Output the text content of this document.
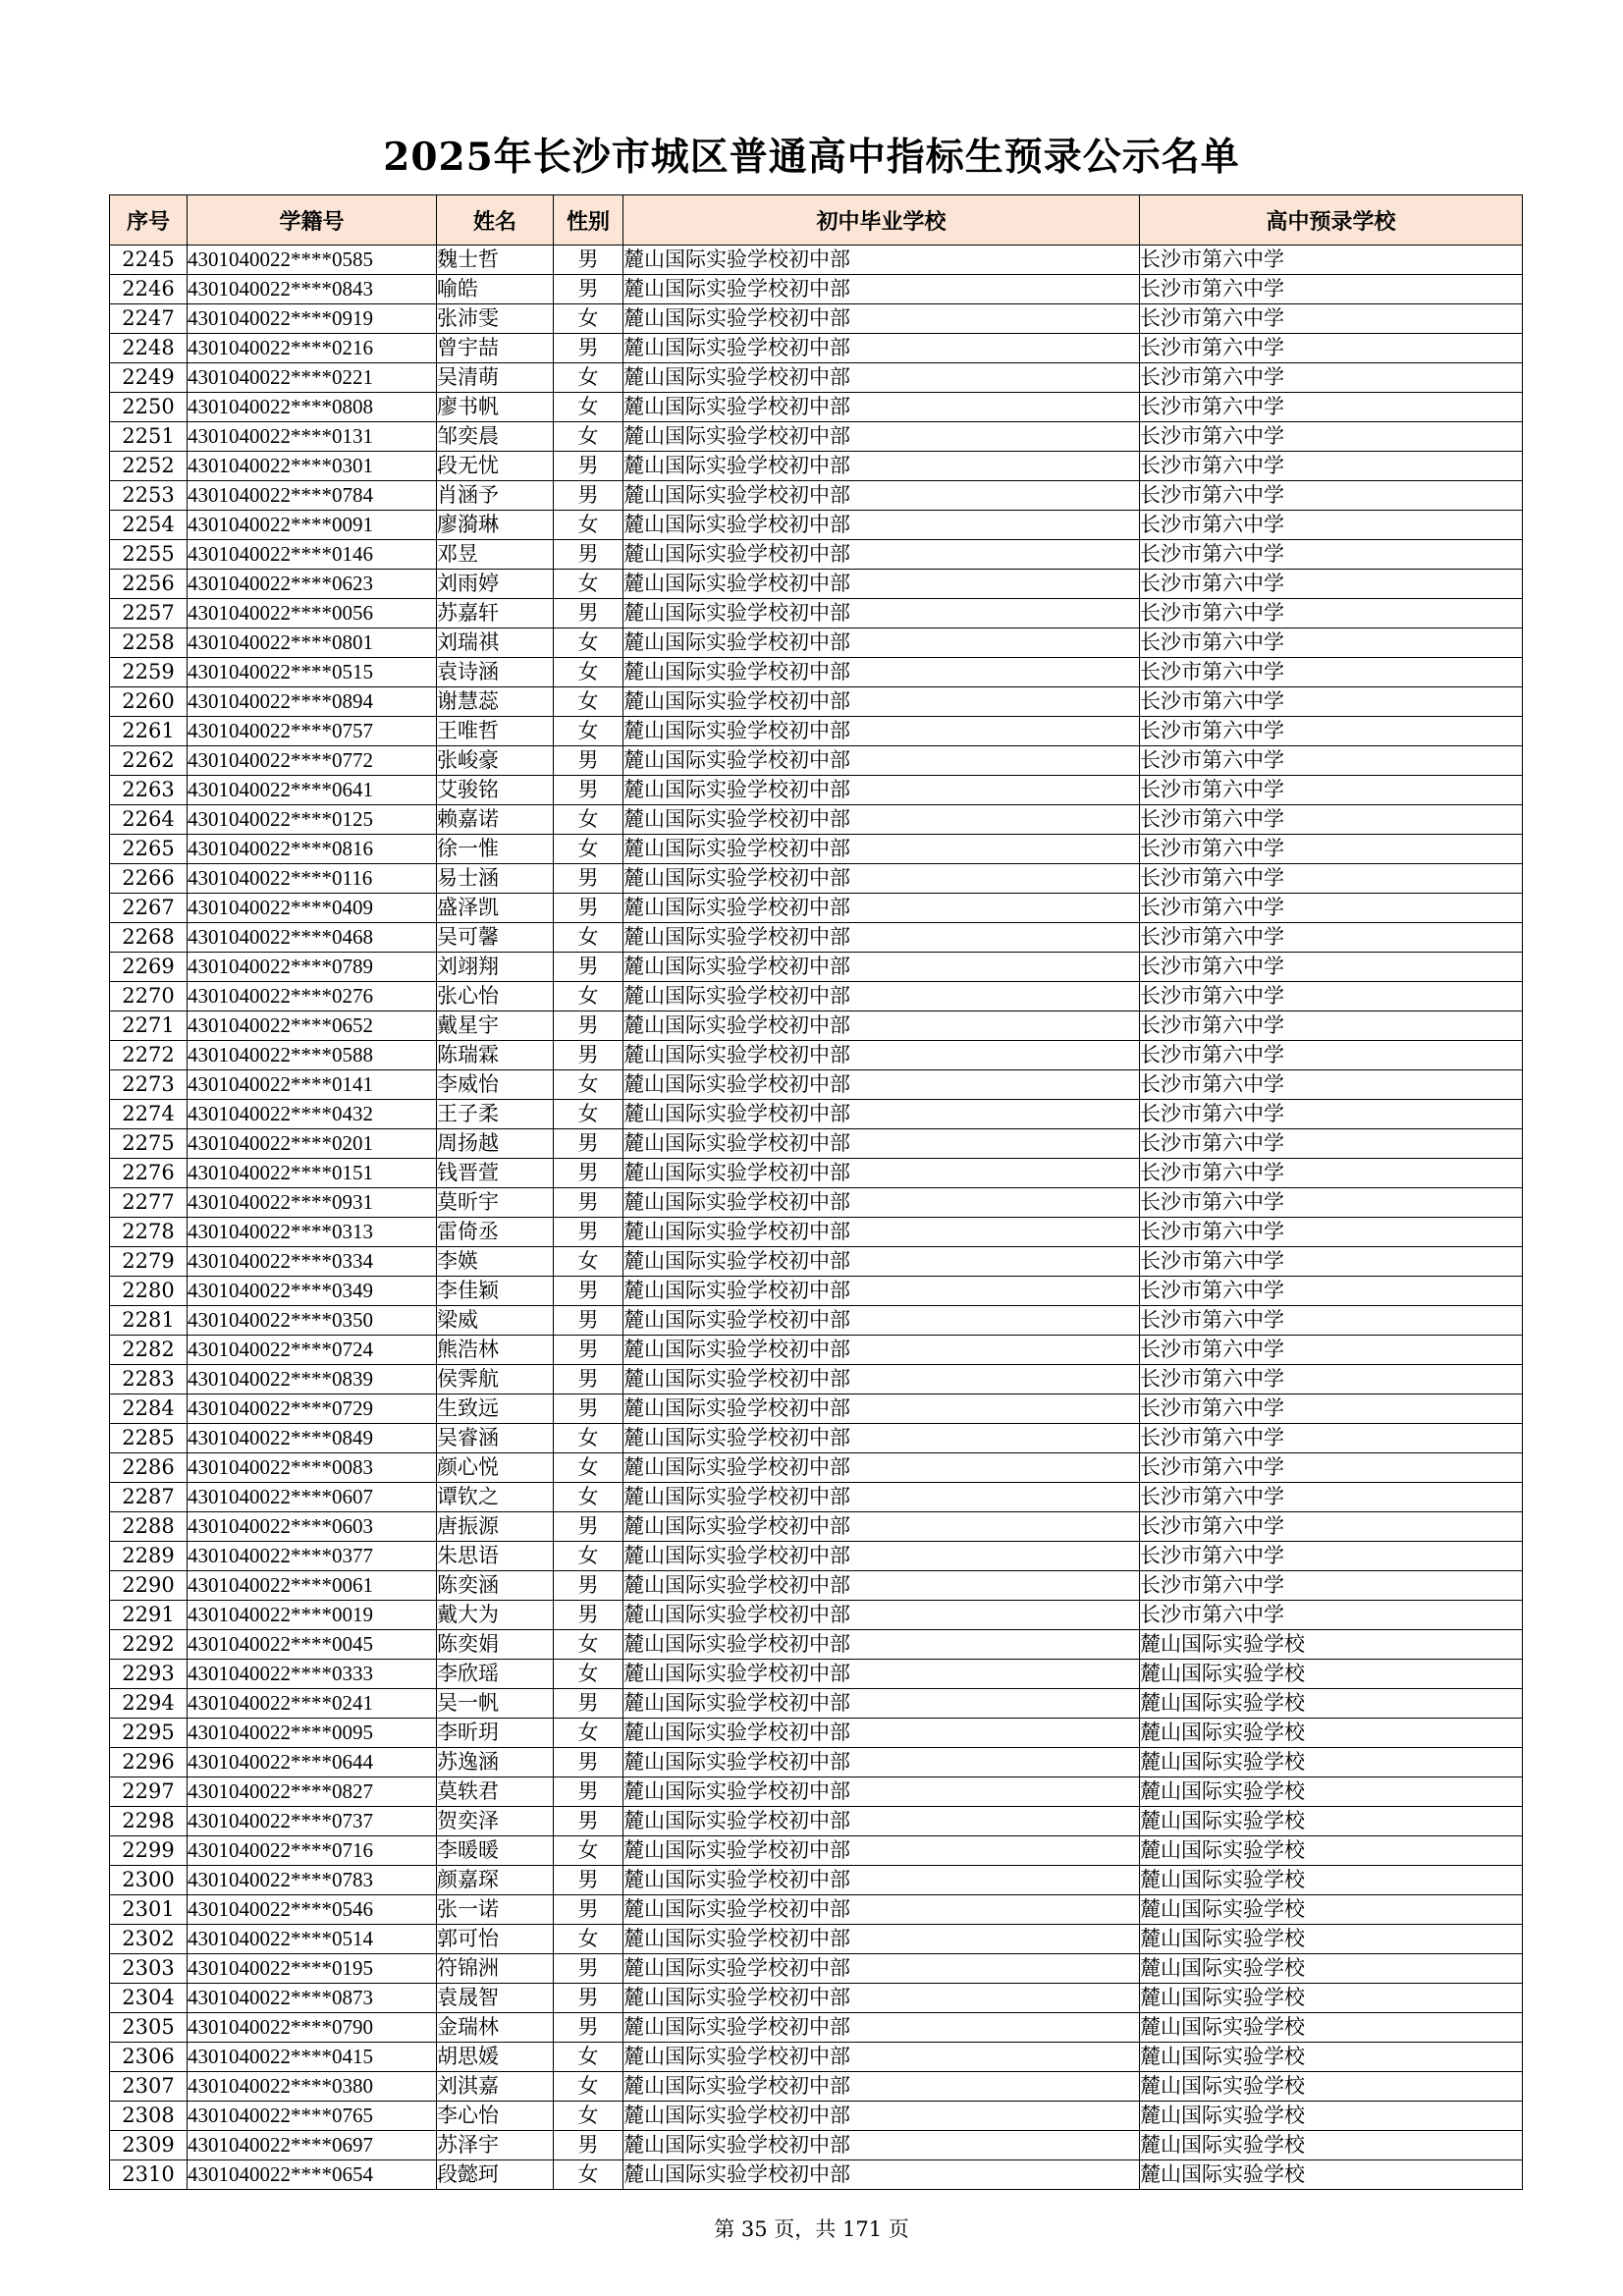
2025年长沙市城区普通高中指标生预录公示名单
序号	学籍号	姓名	性别	初中毕业学校	高中预录学校
2245	4301040022****0585	魏士哲	男	麓山国际实验学校初中部	长沙市第六中学
2246	4301040022****0843	喻皓	男	麓山国际实验学校初中部	长沙市第六中学
2247	4301040022****0919	张沛雯	女	麓山国际实验学校初中部	长沙市第六中学
2248	4301040022****0216	曾宇喆	男	麓山国际实验学校初中部	长沙市第六中学
2249	4301040022****0221	吴清萌	女	麓山国际实验学校初中部	长沙市第六中学
2250	4301040022****0808	廖书帆	女	麓山国际实验学校初中部	长沙市第六中学
2251	4301040022****0131	邹奕晨	女	麓山国际实验学校初中部	长沙市第六中学
2252	4301040022****0301	段无忧	男	麓山国际实验学校初中部	长沙市第六中学
2253	4301040022****0784	肖涵予	男	麓山国际实验学校初中部	长沙市第六中学
2254	4301040022****0091	廖漪琳	女	麓山国际实验学校初中部	长沙市第六中学
2255	4301040022****0146	邓昱	男	麓山国际实验学校初中部	长沙市第六中学
2256	4301040022****0623	刘雨婷	女	麓山国际实验学校初中部	长沙市第六中学
2257	4301040022****0056	苏嘉轩	男	麓山国际实验学校初中部	长沙市第六中学
2258	4301040022****0801	刘瑞祺	女	麓山国际实验学校初中部	长沙市第六中学
2259	4301040022****0515	袁诗涵	女	麓山国际实验学校初中部	长沙市第六中学
2260	4301040022****0894	谢慧蕊	女	麓山国际实验学校初中部	长沙市第六中学
2261	4301040022****0757	王唯哲	女	麓山国际实验学校初中部	长沙市第六中学
2262	4301040022****0772	张峻豪	男	麓山国际实验学校初中部	长沙市第六中学
2263	4301040022****0641	艾骏铭	男	麓山国际实验学校初中部	长沙市第六中学
2264	4301040022****0125	赖嘉诺	女	麓山国际实验学校初中部	长沙市第六中学
2265	4301040022****0816	徐一惟	女	麓山国际实验学校初中部	长沙市第六中学
2266	4301040022****0116	易士涵	男	麓山国际实验学校初中部	长沙市第六中学
2267	4301040022****0409	盛泽凯	男	麓山国际实验学校初中部	长沙市第六中学
2268	4301040022****0468	吴可馨	女	麓山国际实验学校初中部	长沙市第六中学
2269	4301040022****0789	刘翊翔	男	麓山国际实验学校初中部	长沙市第六中学
2270	4301040022****0276	张心怡	女	麓山国际实验学校初中部	长沙市第六中学
2271	4301040022****0652	戴星宇	男	麓山国际实验学校初中部	长沙市第六中学
2272	4301040022****0588	陈瑞霖	男	麓山国际实验学校初中部	长沙市第六中学
2273	4301040022****0141	李威怡	女	麓山国际实验学校初中部	长沙市第六中学
2274	4301040022****0432	王子柔	女	麓山国际实验学校初中部	长沙市第六中学
2275	4301040022****0201	周扬越	男	麓山国际实验学校初中部	长沙市第六中学
2276	4301040022****0151	钱晋萱	男	麓山国际实验学校初中部	长沙市第六中学
2277	4301040022****0931	莫昕宇	男	麓山国际实验学校初中部	长沙市第六中学
2278	4301040022****0313	雷倚丞	男	麓山国际实验学校初中部	长沙市第六中学
2279	4301040022****0334	李媖	女	麓山国际实验学校初中部	长沙市第六中学
2280	4301040022****0349	李佳颖	男	麓山国际实验学校初中部	长沙市第六中学
2281	4301040022****0350	梁威	男	麓山国际实验学校初中部	长沙市第六中学
2282	4301040022****0724	熊浩林	男	麓山国际实验学校初中部	长沙市第六中学
2283	4301040022****0839	侯霁航	男	麓山国际实验学校初中部	长沙市第六中学
2284	4301040022****0729	生致远	男	麓山国际实验学校初中部	长沙市第六中学
2285	4301040022****0849	吴睿涵	女	麓山国际实验学校初中部	长沙市第六中学
2286	4301040022****0083	颜心悦	女	麓山国际实验学校初中部	长沙市第六中学
2287	4301040022****0607	谭钦之	女	麓山国际实验学校初中部	长沙市第六中学
2288	4301040022****0603	唐振源	男	麓山国际实验学校初中部	长沙市第六中学
2289	4301040022****0377	朱思语	女	麓山国际实验学校初中部	长沙市第六中学
2290	4301040022****0061	陈奕涵	男	麓山国际实验学校初中部	长沙市第六中学
2291	4301040022****0019	戴大为	男	麓山国际实验学校初中部	长沙市第六中学
2292	4301040022****0045	陈奕娟	女	麓山国际实验学校初中部	麓山国际实验学校
2293	4301040022****0333	李欣瑶	女	麓山国际实验学校初中部	麓山国际实验学校
2294	4301040022****0241	吴一帆	男	麓山国际实验学校初中部	麓山国际实验学校
2295	4301040022****0095	李昕玥	女	麓山国际实验学校初中部	麓山国际实验学校
2296	4301040022****0644	苏逸涵	男	麓山国际实验学校初中部	麓山国际实验学校
2297	4301040022****0827	莫轶君	男	麓山国际实验学校初中部	麓山国际实验学校
2298	4301040022****0737	贺奕泽	男	麓山国际实验学校初中部	麓山国际实验学校
2299	4301040022****0716	李暖暖	女	麓山国际实验学校初中部	麓山国际实验学校
2300	4301040022****0783	颜嘉琛	男	麓山国际实验学校初中部	麓山国际实验学校
2301	4301040022****0546	张一诺	男	麓山国际实验学校初中部	麓山国际实验学校
2302	4301040022****0514	郭可怡	女	麓山国际实验学校初中部	麓山国际实验学校
2303	4301040022****0195	符锦洲	男	麓山国际实验学校初中部	麓山国际实验学校
2304	4301040022****0873	袁晟智	男	麓山国际实验学校初中部	麓山国际实验学校
2305	4301040022****0790	金瑞林	男	麓山国际实验学校初中部	麓山国际实验学校
2306	4301040022****0415	胡思媛	女	麓山国际实验学校初中部	麓山国际实验学校
2307	4301040022****0380	刘淇嘉	女	麓山国际实验学校初中部	麓山国际实验学校
2308	4301040022****0765	李心怡	女	麓山国际实验学校初中部	麓山国际实验学校
2309	4301040022****0697	苏泽宇	男	麓山国际实验学校初中部	麓山国际实验学校
2310	4301040022****0654	段懿珂	女	麓山国际实验学校初中部	麓山国际实验学校
第 35 页，共 171 页
